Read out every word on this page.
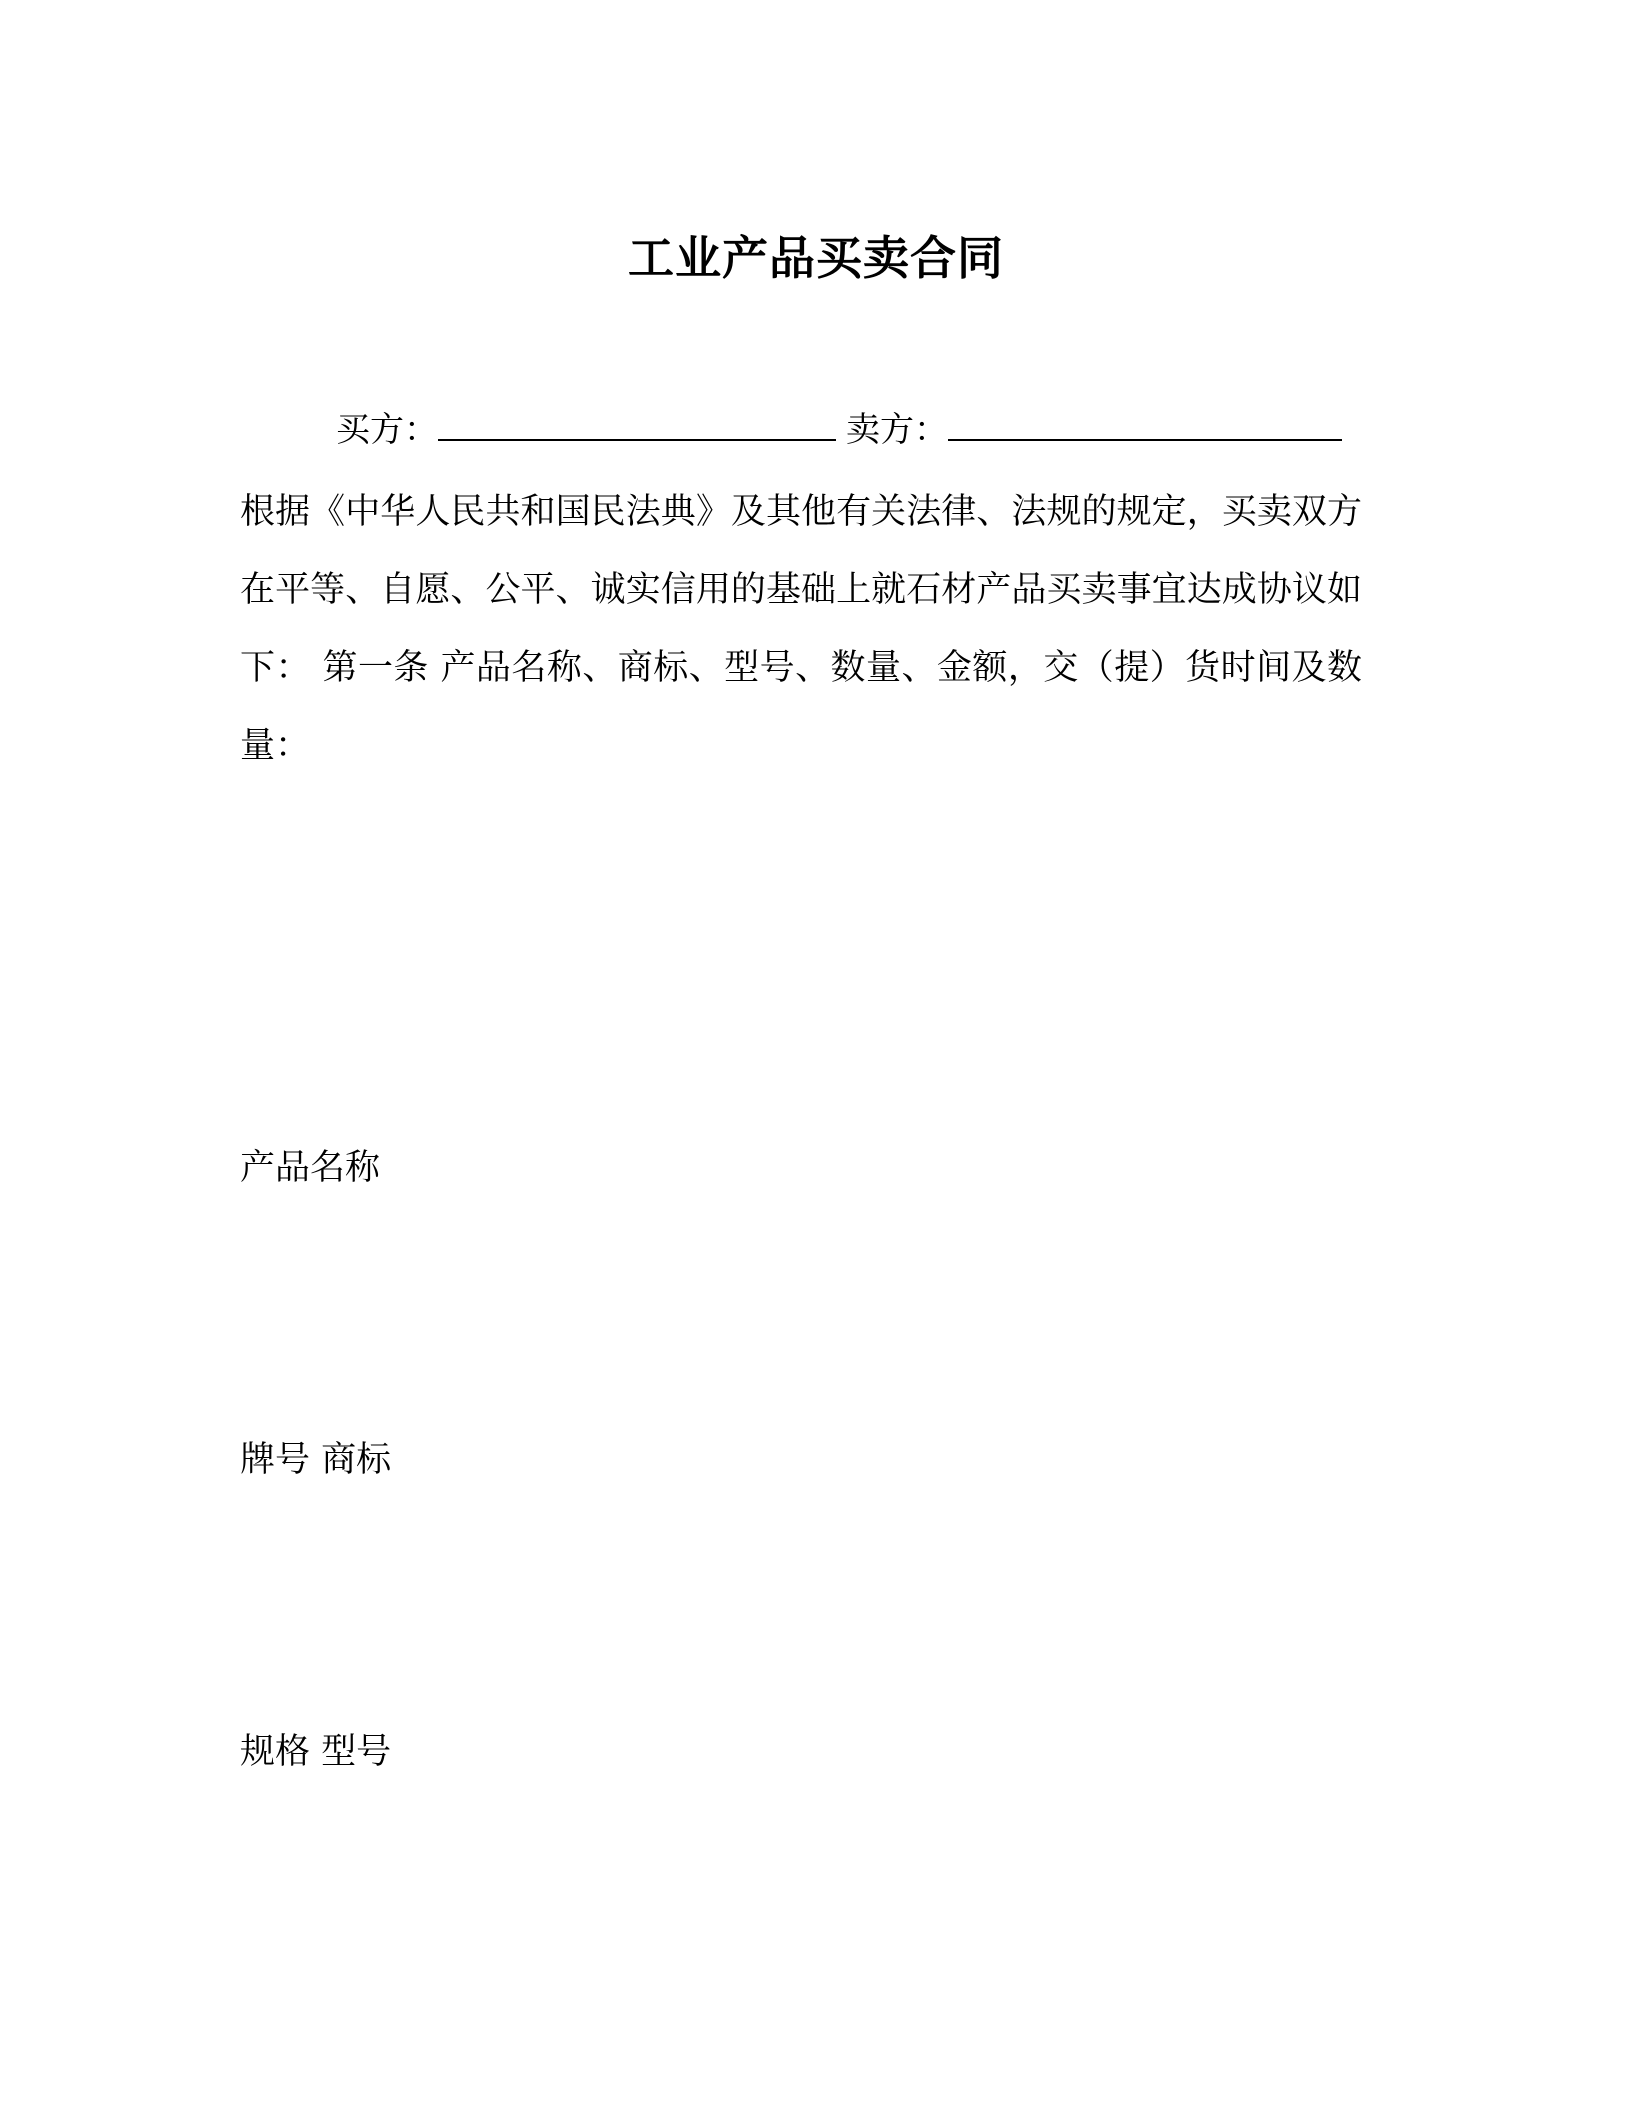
工业产品买卖合同
买方：	卖方：

根据《中华人民共和国民法典》及其他有关法律、法规的规定，买卖双方在平等、自愿、公平、诚实信用的基础上就石材产品买卖事宜达成协议如下： 第一条 产品名称、商标、型号、数量、金额，交（提）货时间及数量：

产品名称

牌号 商标

规格 型号
